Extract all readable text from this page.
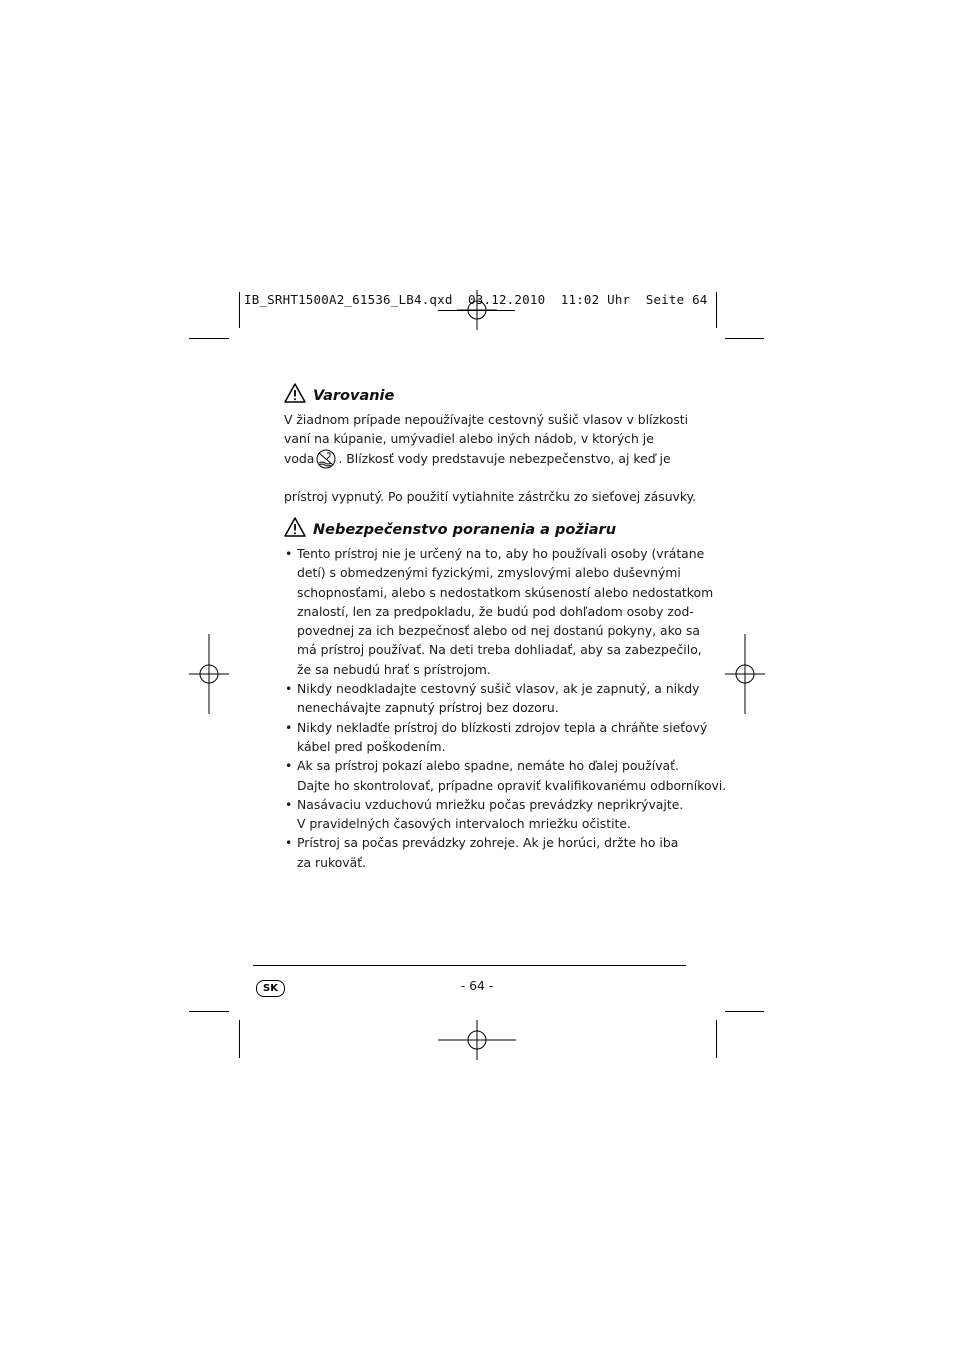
IB_SRHT1500A2_61536_LB4.qxd  03.12.2010  11:02 Uhr  Seite 64
Varovanie
V žiadnom prípade nepoužívajte cestovný sušič vlasov v blízkosti
vaní na kúpanie, umývadiel alebo iných nádob, v ktorých je
voda . Blízkosť vody predstavuje nebezpečenstvo, aj keď je
prístroj vypnutý. Po použití vytiahnite zástrčku zo sieťovej zásuvky.
Nebezpečenstvo poranenia a požiaru
• Tento prístroj nie je určený na to, aby ho používali osoby (vrátane
detí) s obmedzenými fyzickými, zmyslovými alebo duševnými
schopnosťami, alebo s nedostatkom skúseností alebo nedostatkom
znalostí, len za predpokladu, že budú pod dohľadom osoby zod-
povednej za ich bezpečnosť alebo od nej dostanú pokyny, ako sa
má prístroj používať. Na deti treba dohliadať, aby sa zabezpečilo,
že sa nebudú hrať s prístrojom.
• Nikdy neodkladajte cestovný sušič vlasov, ak je zapnutý, a nikdy
nenechávajte zapnutý prístroj bez dozoru.
• Nikdy nekladťe prístroj do blízkosti zdrojov tepla a chráňte sieťový
kábel pred poškodením.
• Ak sa prístroj pokazí alebo spadne, nemáte ho ďalej používať.
Dajte ho skontrolovať, prípadne opraviť kvalifikovanému odborníkovi.
• Nasávaciu vzduchovú mriežku počas prevádzky neprikrývajte.
V pravidelných časových intervaloch mriežku očistite.
• Prístroj sa počas prevádzky zohreje. Ak je horúci, držte ho iba
za rukoväť.
SK	- 64 -
